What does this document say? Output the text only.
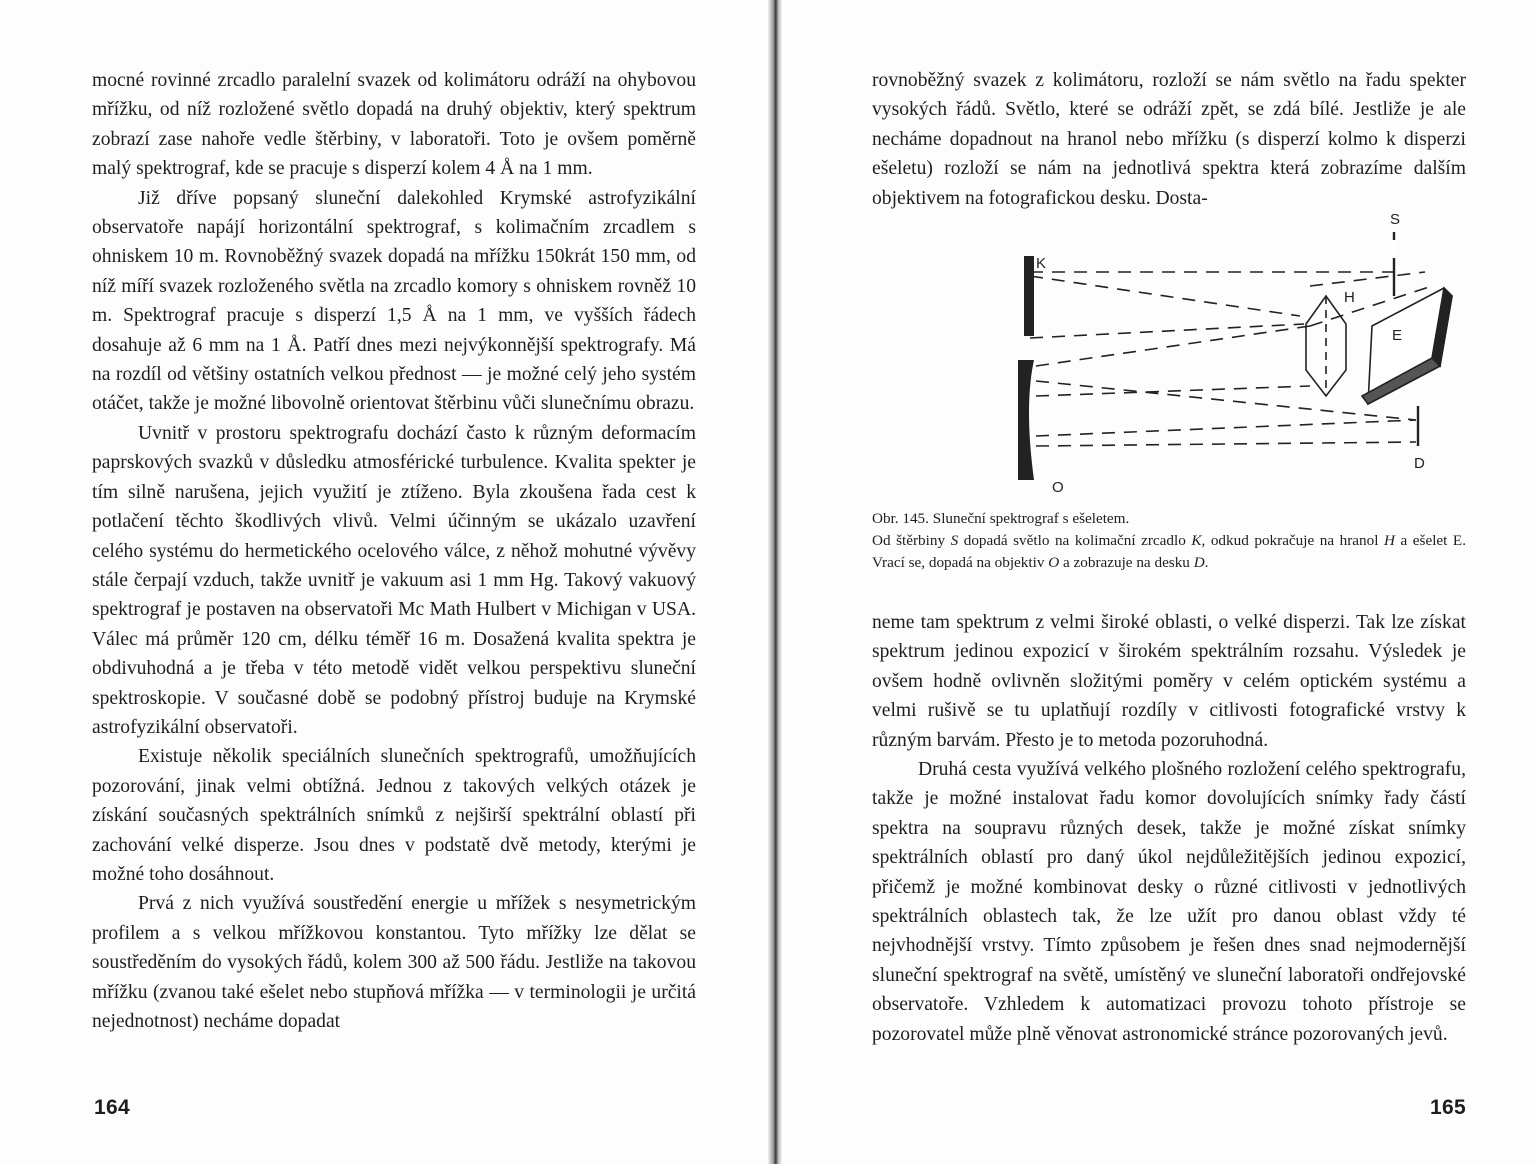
mocné rovinné zrcadlo paralelní svazek od kolimátoru odráží na ohybovou mřížku, od níž rozložené světlo dopadá na druhý objektiv, který spektrum zobrazí zase nahoře vedle štěrbiny, v laboratoři. Toto je ovšem poměrně malý spektrograf, kde se pracuje s disperzí kolem 4 Å na 1 mm.

Již dříve popsaný sluneční dalekohled Krymské astrofyzikální observatoře napájí horizontální spektrograf, s kolimačním zrcadlem s ohniskem 10 m. Rovnoběžný svazek dopadá na mřížku 150krát 150 mm, od níž míří svazek rozloženého světla na zrcadlo komory s ohniskem rovněž 10 m. Spektrograf pracuje s disperzí 1,5 Å na 1 mm, ve vyšších řádech dosahuje až 6 mm na 1 Å. Patří dnes mezi nejvýkonnější spektrografy. Má na rozdíl od většiny ostatních velkou přednost — je možné celý jeho systém otáčet, takže je možné libovolně orientovat štěrbinu vůči slunečnímu obrazu.

Uvnitř v prostoru spektrografu dochází často k různým deformacím paprskových svazků v důsledku atmosférické turbulence. Kvalita spekter je tím silně narušena, jejich využití je ztíženo. Byla zkoušena řada cest k potlačení těchto škodlivých vlivů. Velmi účinným se ukázalo uzavření celého systému do hermetického ocelového válce, z něhož mohutné vývěvy stále čerpají vzduch, takže uvnitř je vakuum asi 1 mm Hg. Takový vakuový spektrograf je postaven na observatoři Mc Math Hulbert v Michigan v USA. Válec má průměr 120 cm, délku téměř 16 m. Dosažená kvalita spektra je obdivuhodná a je třeba v této metodě vidět velkou perspektivu sluneční spektroskopie. V současné době se podobný přístroj buduje na Krymské astrofyzikální observatoři.

Existuje několik speciálních slunečních spektrografů, umožňujících pozorování, jinak velmi obtížná. Jednou z takových velkých otázek je získání současných spektrálních snímků z nejširší spektrální oblastí při zachování velké disperze. Jsou dnes v podstatě dvě metody, kterými je možné toho dosáhnout.

Prvá z nich využívá soustředění energie u mřížek s nesymetrickým profilem a s velkou mřížkovou konstantou. Tyto mřížky lze dělat se soustředěním do vysokých řádů, kolem 300 až 500 řádu. Jestliže na takovou mřížku (zvanou také ešelet nebo stupňová mřížka — v terminologii je určitá nejednotnost) necháme dopadat

164

rovnoběžný svazek z kolimátoru, rozloží se nám světlo na řadu spekter vysokých řádů. Světlo, které se odráží zpět, se zdá bílé. Jestliže je ale necháme dopadnout na hranol nebo mřížku (s disperzí kolmo k disperzi ešeletu) rozloží se nám na jednotlivá spektra která zobrazíme dalším objektivem na fotografickou desku. Dosta-

S
K
H
E
O
D

Obr. 145. Sluneční spektrograf s ešeletem.

Od štěrbiny S dopadá světlo na kolimační zrcadlo K, odkud pokračuje na hranol H a ešelet E. Vrací se, dopadá na objektiv O a zobrazuje na desku D.

neme tam spektrum z velmi široké oblasti, o velké disperzi. Tak lze získat spektrum jedinou expozicí v širokém spektrálním rozsahu. Výsledek je ovšem hodně ovlivněn složitými poměry v celém optickém systému a velmi rušivě se tu uplatňují rozdíly v citlivosti fotografické vrstvy k různým barvám. Přesto je to metoda pozoruhodná.

Druhá cesta využívá velkého plošného rozložení celého spektrografu, takže je možné instalovat řadu komor dovolujících snímky řady částí spektra na soupravu různých desek, takže je možné získat snímky spektrálních oblastí pro daný úkol nejdůležitějších jedinou expozicí, přičemž je možné kombinovat desky o různé citlivosti v jednotlivých spektrálních oblastech tak, že lze užít pro danou oblast vždy té nejvhodnější vrstvy. Tímto způsobem je řešen dnes snad nejmodernější sluneční spektrograf na světě, umístěný ve sluneční laboratoři ondřejovské observatoře. Vzhledem k automatizaci provozu tohoto přístroje se pozorovatel může plně věnovat astronomické stránce pozorovaných jevů.

165
